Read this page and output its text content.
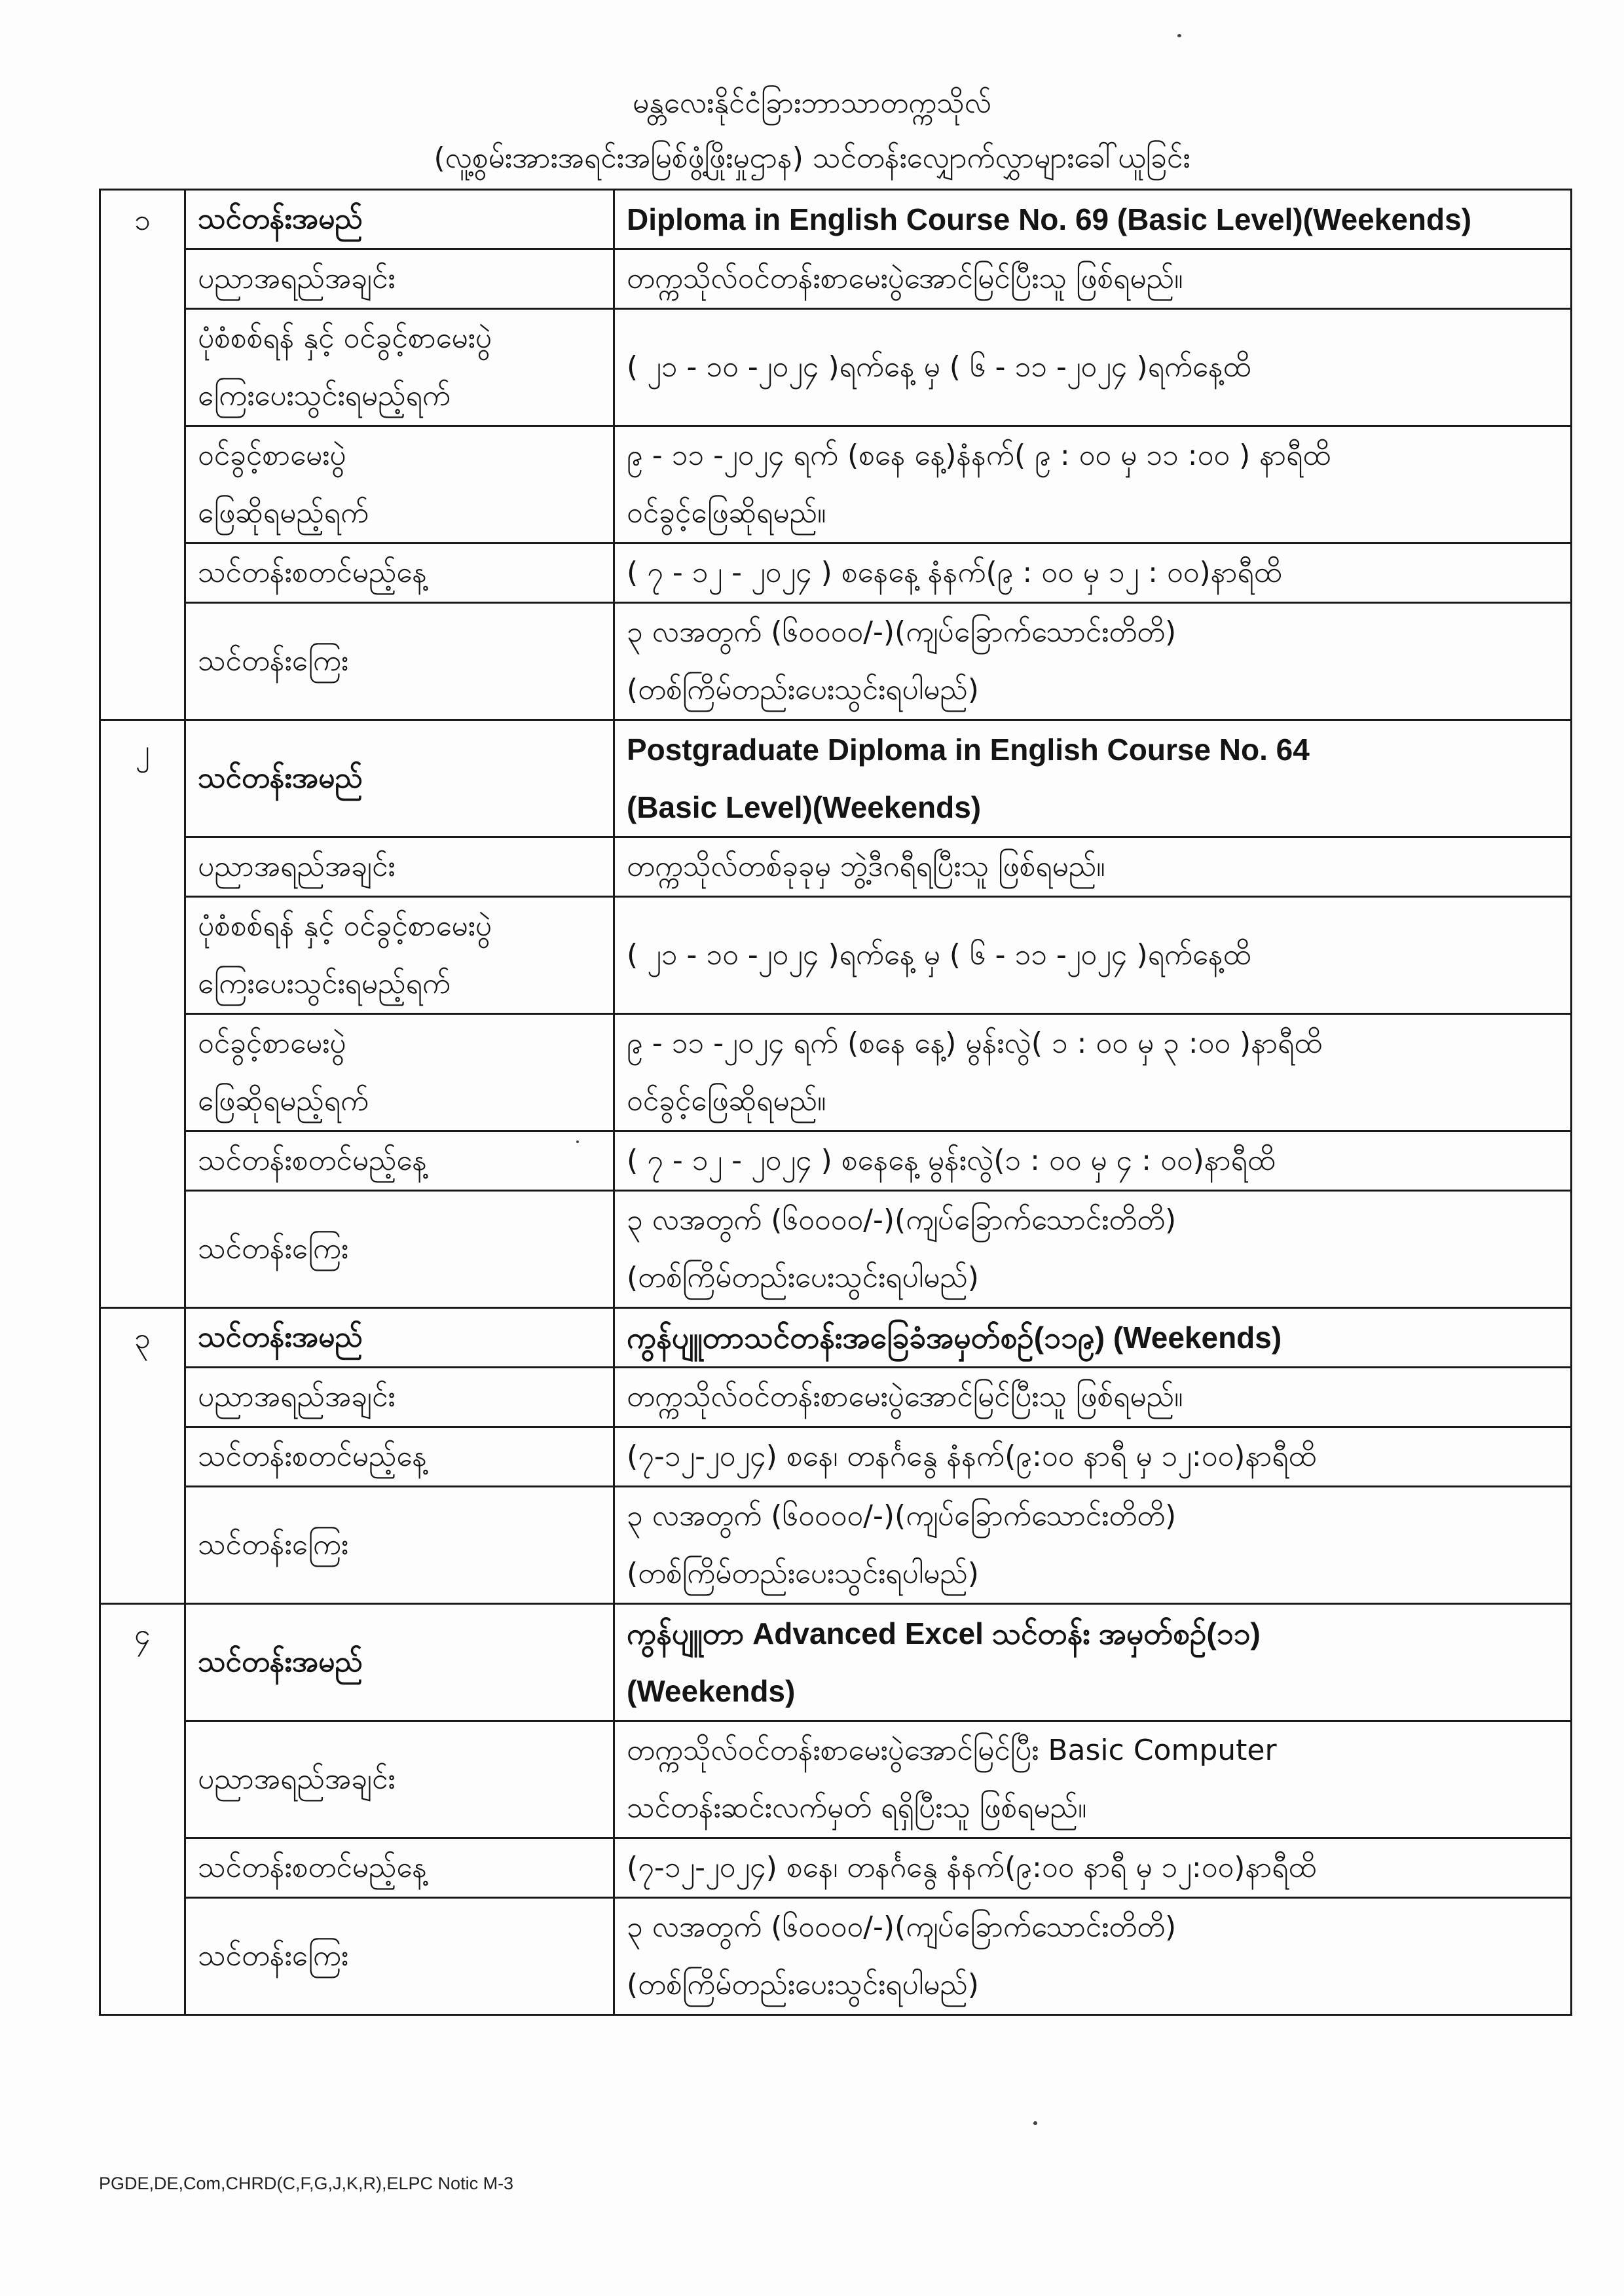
မန္တလေးနိုင်ငံခြားဘာသာတက္ကသိုလ်
(လူ့စွမ်းအားအရင်းအမြစ်ဖွံ့ဖြိုးမှုဌာန) သင်တန်းလျှောက်လွှာများခေါ်ယူခြင်း
၁	သင်တန်းအမည်	Diploma in English Course No. 69 (Basic Level)(Weekends)

	ပညာအရည်အချင်း	တက္ကသိုလ်ဝင်တန်းစာမေးပွဲအောင်မြင်ပြီးသူ ဖြစ်ရမည်။

	ပုံစံစစ်ရန် နှင့် ဝင်ခွင့်စာမေးပွဲ
ကြေးပေးသွင်းရမည့်ရက်	( ၂၁ - ၁၀ -၂၀၂၄ )ရက်နေ့ မှ ( ၆ - ၁၁ -၂၀၂၄ )ရက်နေ့ထိ

	ဝင်ခွင့်စာမေးပွဲ
ဖြေဆိုရမည့်ရက်	၉ - ၁၁ -၂၀၂၄ ရက် (စနေ နေ့)နံနက်( ၉ : ၀၀ မှ ၁၁ :၀၀ ) နာရီထိ
ဝင်ခွင့်ဖြေဆိုရမည်။

	သင်တန်းစတင်မည့်နေ့	( ၇ - ၁၂ - ၂၀၂၄ ) စနေနေ့ နံနက်(၉ : ၀၀ မှ ၁၂ : ၀၀)နာရီထိ

	သင်တန်းကြေး	၃ လအတွက် (၆၀၀၀၀/-)(ကျပ်ခြောက်သောင်းတိတိ)
(တစ်ကြိမ်တည်းပေးသွင်းရပါမည်)

၂	သင်တန်းအမည်	Postgraduate Diploma in English Course No. 64
(Basic Level)(Weekends)

	ပညာအရည်အချင်း	တက္ကသိုလ်တစ်ခုခုမှ ဘွဲ့ဒီဂရီရပြီးသူ ဖြစ်ရမည်။

	ပုံစံစစ်ရန် နှင့် ဝင်ခွင့်စာမေးပွဲ
ကြေးပေးသွင်းရမည့်ရက်	( ၂၁ - ၁၀ -၂၀၂၄ )ရက်နေ့ မှ ( ၆ - ၁၁ -၂၀၂၄ )ရက်နေ့ထိ

	ဝင်ခွင့်စာမေးပွဲ
ဖြေဆိုရမည့်ရက်	၉ - ၁၁ -၂၀၂၄ ရက် (စနေ နေ့) မွန်းလွဲ( ၁ : ၀၀ မှ ၃ :၀၀ )နာရီထိ
ဝင်ခွင့်ဖြေဆိုရမည်။

	သင်တန်းစတင်မည့်နေ့	( ၇ - ၁၂ - ၂၀၂၄ ) စနေနေ့ မွန်းလွဲ(၁ : ၀၀ မှ ၄ : ၀၀)နာရီထိ

	သင်တန်းကြေး	၃ လအတွက် (၆၀၀၀၀/-)(ကျပ်ခြောက်သောင်းတိတိ)
(တစ်ကြိမ်တည်းပေးသွင်းရပါမည်)

၃	သင်တန်းအမည်	ကွန်ပျူတာသင်တန်းအခြေခံအမှတ်စဉ်(၁၁၉) (Weekends)

	ပညာအရည်အချင်း	တက္ကသိုလ်ဝင်တန်းစာမေးပွဲအောင်မြင်ပြီးသူ ဖြစ်ရမည်။

	သင်တန်းစတင်မည့်နေ့	(၇-၁၂-၂၀၂၄) စနေ၊ တနင်္ဂနွေ နံနက်(၉:၀၀ နာရီ မှ ၁၂:၀၀)နာရီထိ

	သင်တန်းကြေး	၃ လအတွက် (၆၀၀၀၀/-)(ကျပ်ခြောက်သောင်းတိတိ)
(တစ်ကြိမ်တည်းပေးသွင်းရပါမည်)

၄	သင်တန်းအမည်	ကွန်ပျူတာ Advanced Excel သင်တန်း အမှတ်စဉ်(၁၁)
(Weekends)

	ပညာအရည်အချင်း	တက္ကသိုလ်ဝင်တန်းစာမေးပွဲအောင်မြင်ပြီး Basic Computer
သင်တန်းဆင်းလက်မှတ် ရရှိပြီးသူ ဖြစ်ရမည်။

	သင်တန်းစတင်မည့်နေ့	(၇-၁၂-၂၀၂၄) စနေ၊ တနင်္ဂနွေ နံနက်(၉:၀၀ နာရီ မှ ၁၂:၀၀)နာရီထိ

	သင်တန်းကြေး	၃ လအတွက် (၆၀၀၀၀/-)(ကျပ်ခြောက်သောင်းတိတိ)
(တစ်ကြိမ်တည်းပေးသွင်းရပါမည်)
PGDE,DE,Com,CHRD(C,F,G,J,K,R),ELPC Notic M-3
